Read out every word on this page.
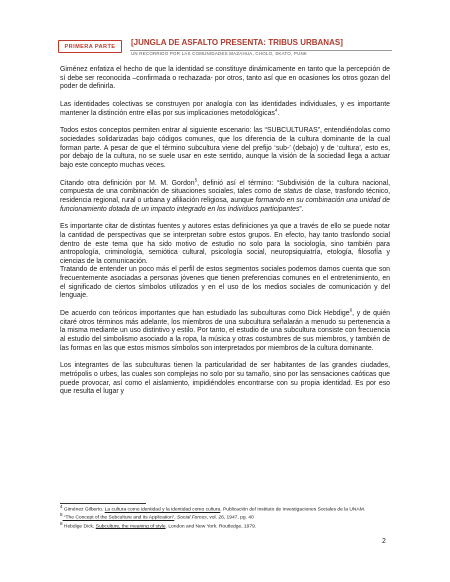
PRIMERA PARTE	[JUNGLA DE ASFALTO PRESENTA: TRIBUS URBANAS]
UN RECORRIDO POR LAS COMUNIDADES MAZAHUA, CHOLO, SKATO, PUNK

Giménez enfatiza el hecho de que la identidad se constituye dinámicamente en tanto que la percepción de sí debe ser reconocida –confirmada o rechazada- por otros, tanto así que en ocasiones los otros gozan del poder de definirla.

Las identidades colectivas se construyen por analogía con las identidades individuales, y es importante mantener la distinción entre ellas por sus implicaciones metodológicas$^4$.

Todos estos conceptos permiten entrar al siguiente escenario: las “SUBCULTURAS”, entendiéndolas como sociedades solidarizadas bajo códigos comunes, que los diferencia de la cultura dominante de la cual forman parte. A pesar de que el término subcultura viene del prefijo ‘sub-’ (debajo) y de ‘cultura’, esto es, por debajo de la cultura, no se suele usar en este sentido, aunque la visión de la sociedad llega a actuar bajo este concepto muchas veces.

Citando otra definición por M. M. Gordon$^5$, definió así el término: “Subdivisión de la cultura nacional, compuesta de una combinación de situaciones sociales, tales como de status de clase, trasfondo técnico, residencia regional, rural o urbana y afiliación religiosa, aunque formando en su combinación una unidad de funcionamiento dotada de un impacto integrado en los individuos participantes”.

Es importante citar de distintas fuentes y autores estas definiciones ya que a través de ello se puede notar la cantidad de perspectivas que se interpretan sobre estos grupos. En efecto, hay tanto trasfondo social dentro de este tema que ha sido motivo de estudio no solo para la sociología, sino también para antropología, criminología, semiótica cultural, psicología social, neuropsiquiatría, etología, filosofía y ciencias de la comunicación.

Tratando de entender un poco más el perfil de estos segmentos sociales podemos darnos cuenta que son frecuentemente asociadas a personas jóvenes que tienen preferencias comunes en el entretenimiento, en el significado de ciertos símbolos utilizados y en el uso de los medios sociales de comunicación y del lenguaje.

De acuerdo con teóricos importantes que han estudiado las subculturas como Dick Hebdige$^6$, y de quién citaré otros términos más adelante, los miembros de una subcultura señalarán a menudo su pertenencia a la misma mediante un uso distintivo y estilo. Por tanto, el estudio de una subcultura consiste con frecuencia al estudio del simbolismo asociado a la ropa, la música y otras costumbres de sus miembros, y también de las formas en las que estos mismos símbolos son interpretados por miembros de la cultura dominante.

Los integrantes de las subculturas tienen la particularidad de ser habitantes de las grandes ciudades, metrópolis o urbes, las cuales son complejas no solo por su tamaño, sino por las sensaciones caóticas que puede provocar, así como el aislamiento, impidiéndoles encontrarse con su propia identidad. Es por eso que resulta el lugar y

$^4$ Giménez Gilberto. La cultura como identidad y la identidad como cultura. Publicación del Instituto de Investigaciones Sociales de la UNAM.

$^5$ “The Concept of the Subculture and its Application”, Social Forces, vol. 26, 1947, pg. 40

$^6$ Hebdige Dick, Subculture, the meaning of style. London and New York. Routledge, 1979.

2
